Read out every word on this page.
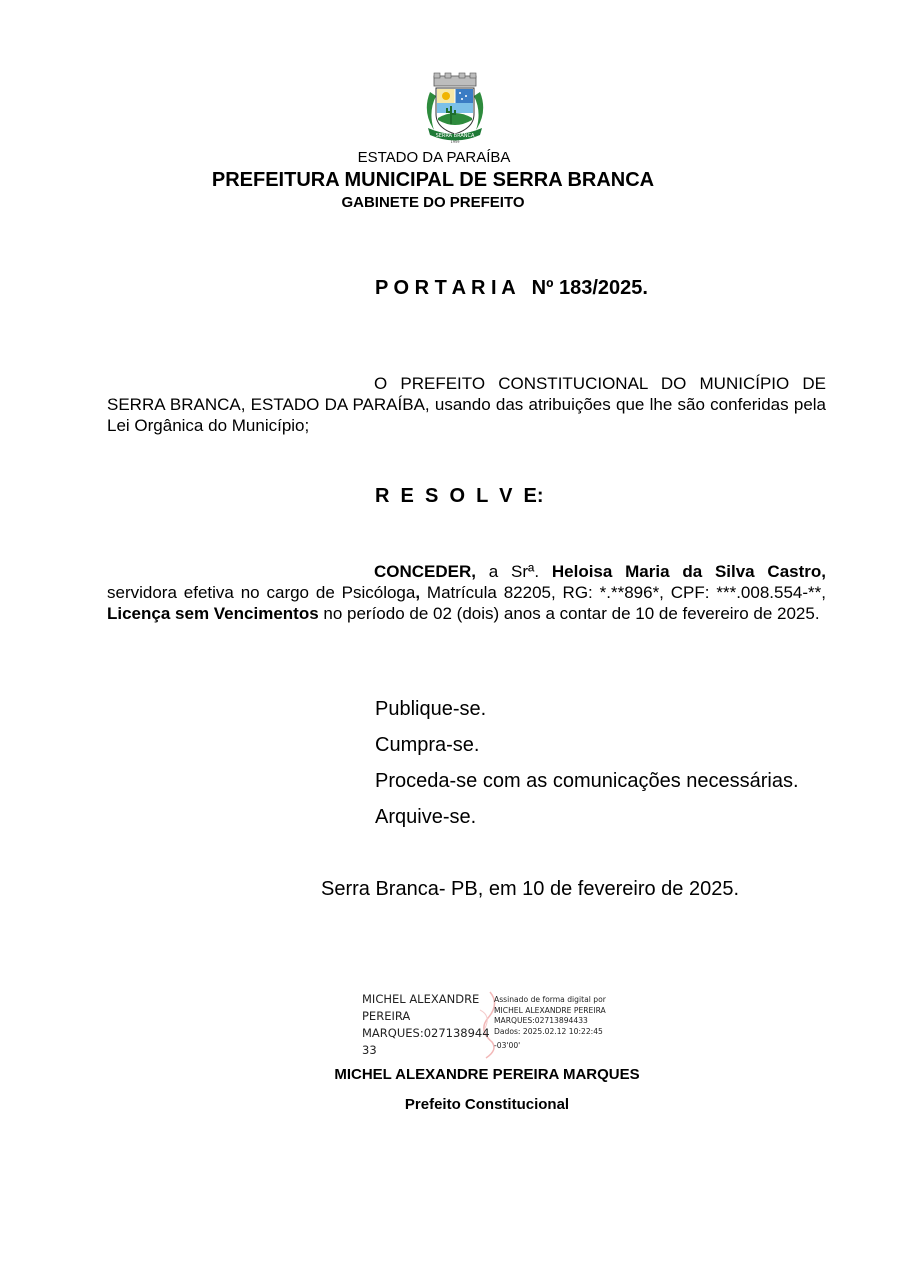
SERRA BRANCA
1959
ESTADO DA PARAÍBA
PREFEITURA MUNICIPAL DE SERRA BRANCA
GABINETE DO PREFEITO
P O R T A R I A   Nº 183/2025.
O PREFEITO CONSTITUCIONAL DO MUNICÍPIO DE SERRA BRANCA, ESTADO DA PARAÍBA, usando das atribuições que lhe são conferidas pela Lei Orgânica do Município;
R  E  S  O  L  V  E:
CONCEDER, a Srª. Heloisa Maria da Silva Castro, servidora efetiva no cargo de Psicóloga, Matrícula 82205, RG: *.**896*, CPF: ***.008.554-**, Licença sem Vencimentos no período de 02 (dois) anos a contar de 10 de fevereiro de 2025.
Publique-se.
Cumpra-se.
Proceda-se com as comunicações necessárias.
Arquive-se.
Serra Branca- PB, em 10 de fevereiro de 2025.
MICHEL ALEXANDRE
PEREIRA
MARQUES:027138944
33
Assinado de forma digital por
MICHEL ALEXANDRE PEREIRA
MARQUES:02713894433
Dados: 2025.02.12 10:22:45
-03'00'
MICHEL ALEXANDRE PEREIRA MARQUES
Prefeito Constitucional
